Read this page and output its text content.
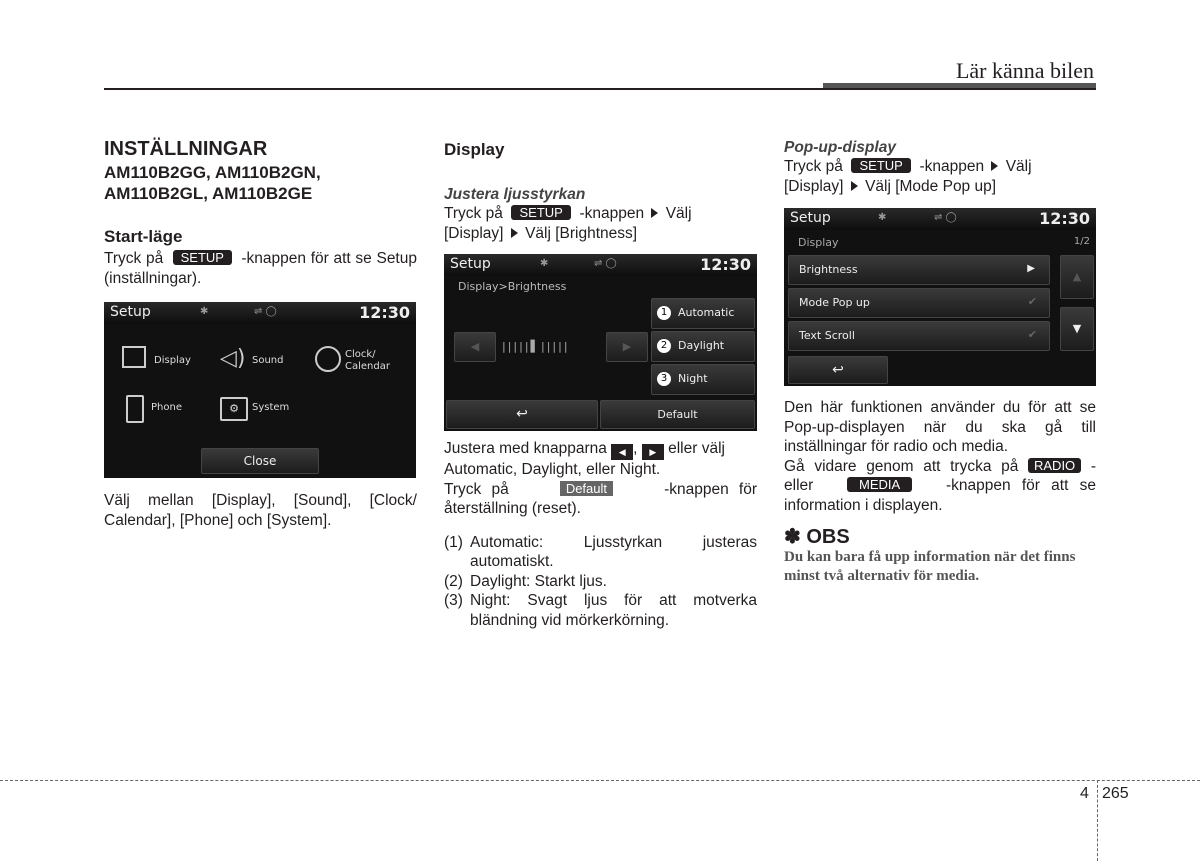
Lär känna bilen
INSTÄLLNINGAR
AM110B2GG, AM110B2GN,
AM110B2GL, AM110B2GE
Start-läge
Tryck på SETUP -knappen för att se Setup (inställningar).
Setup	✱	⇌ ◯	12:30
Display ◁) Sound
Clock/ Calendar
Phone	⚙	System
Close
Välj mellan [Display], [Sound], [Clock/ Calendar], [Phone] och [System].
Display
Justera ljusstyrkan
Tryck på SETUP -knappen Välj
[Display] Välj [Brightness]
Setup	✱	⇌ ◯	12:30
Display>Brightness
◀	|||||▌|||||	▶
1 Automatic
2 Daylight
3 Night
↩	Default
Justera med knapparna ◀ , ▶ eller välj Automatic, Daylight, eller Night.
Tryck på	Default	-knappen för återställning (reset).
(1) Automatic: Ljusstyrkan justeras automatiskt.
(2) Daylight: Starkt ljus.
(3) Night: Svagt ljus för att motverka bländning vid mörkerkörning.
Pop-up-display
Tryck på SETUP -knappen Välj
[Display] Välj [Mode Pop up]
Setup	✱	⇌ ◯	12:30
Display	1/2
Brightness	▶
Mode Pop up	✔
Text Scroll	✔
▲
▼
↩
Den här funktionen använder du för att se Pop-up-displayen när du ska gå till inställningar för radio och media.
Gå vidare genom att trycka på RADIO - eller	MEDIA	-knappen för att se information i displayen.
✽ OBS
Du kan bara få upp information när det finns minst två alternativ för media.
4 265
